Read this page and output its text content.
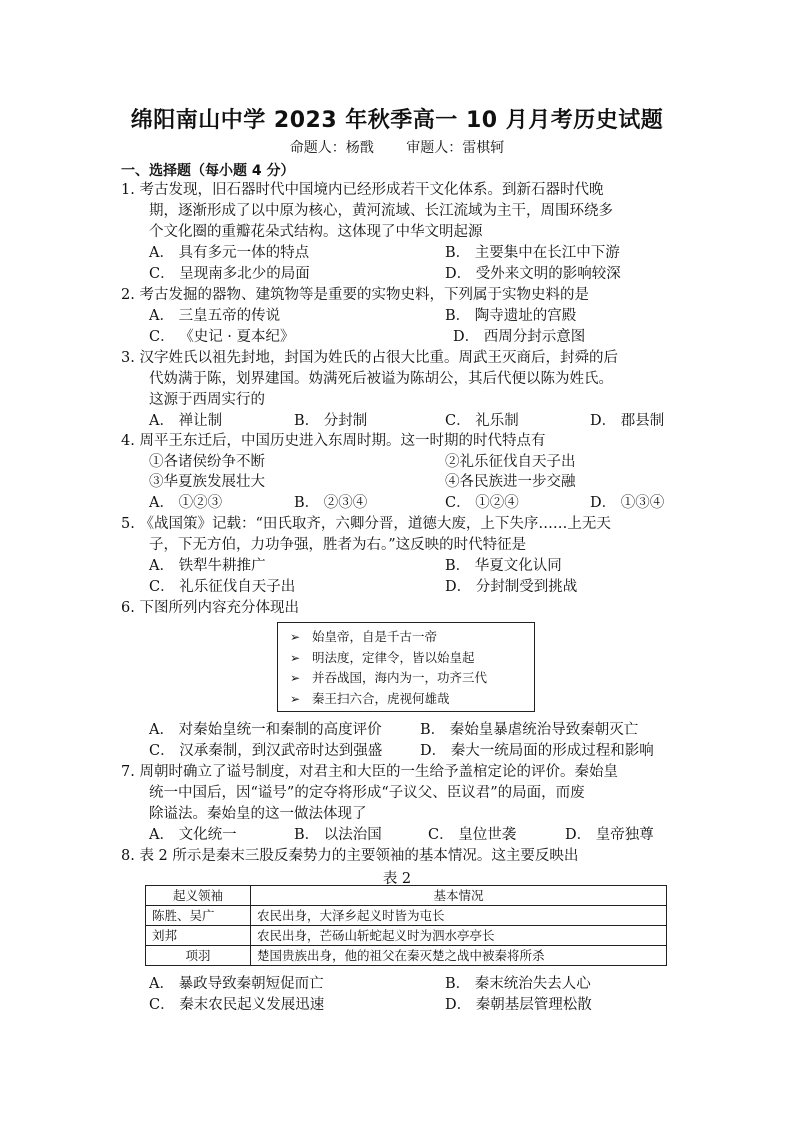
绵阳南山中学 2023 年秋季高一 10 月月考历史试题
命题人：杨戬 审题人：雷棋轲
一、选择题（每小题 4 分）
1. 考古发现，旧石器时代中国境内已经形成若干文化体系。到新石器时代晚
期，逐渐形成了以中原为核心，黄河流域、长江流域为主干，周围环绕多
个文化圈的重瓣花朵式结构。这体现了中华文明起源
A． 具有多元一体的特点	B． 主要集中在长江中下游
C． 呈现南多北少的局面	D． 受外来文明的影响较深
2. 考古发掘的器物、建筑物等是重要的实物史料，下列属于实物史料的是
A． 三皇五帝的传说	B． 陶寺遗址的宫殿
C． 《史记 · 夏本纪》	D． 西周分封示意图
3. 汉字姓氏以祖先封地，封国为姓氏的占很大比重。周武王灭商后，封舜的后
代妫满于陈，划界建国。妫满死后被谥为陈胡公，其后代便以陈为姓氏。
这源于西周实行的
A． 禅让制	B． 分封制	C． 礼乐制	D． 郡县制
4. 周平王东迁后，中国历史进入东周时期。这一时期的时代特点有
①各诸侯纷争不断	②礼乐征伐自天子出
③华夏族发展壮大	④各民族进一步交融
A． ①②③	B． ②③④	C． ①②④	D． ①③④
5. 《战国策》记载：“田氏取齐，六卿分晋，道德大废，上下失序……上无天
子，下无方伯，力功争强，胜者为右。”这反映的时代特征是
A． 铁犁牛耕推广	B． 华夏文化认同
C． 礼乐征伐自天子出	D． 分封制受到挑战
6. 下图所列内容充分体现出
➢ 始皇帝，自是千古一帝
➢ 明法度，定律令，皆以始皇起
➢ 并吞战国，海内为一，功齐三代
➢ 秦王扫六合，虎视何雄哉
A． 对秦始皇统一和秦制的高度评价	B． 秦始皇暴虐统治导致秦朝灭亡
C． 汉承秦制，到汉武帝时达到强盛	D． 秦大一统局面的形成过程和影响
7. 周朝时确立了谥号制度，对君主和大臣的一生给予盖棺定论的评价。秦始皇
统一中国后，因“谥号”的定夺将形成“子议父、臣议君”的局面，而废
除谥法。秦始皇的这一做法体现了
A． 文化统一	B． 以法治国	C． 皇位世袭	D． 皇帝独尊
8. 表 2 所示是秦末三股反秦势力的主要领袖的基本情况。这主要反映出
表 2
起义领袖	基本情况
陈胜、吴广	农民出身，大泽乡起义时皆为屯长
刘邦	农民出身，芒砀山斩蛇起义时为泗水亭亭长
项羽	楚国贵族出身，他的祖父在秦灭楚之战中被秦将所杀
A． 暴政导致秦朝短促而亡	B． 秦末统治失去人心
C． 秦末农民起义发展迅速	D． 秦朝基层管理松散
